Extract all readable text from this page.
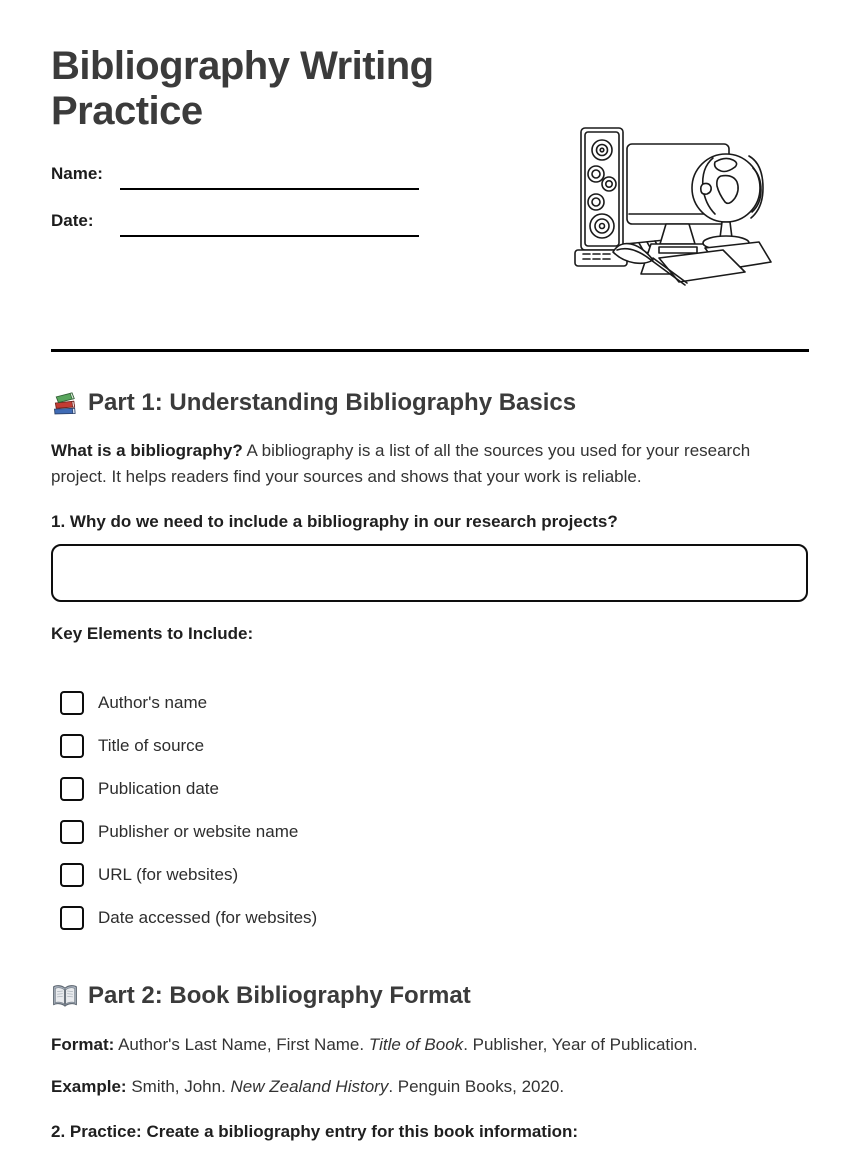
Bibliography Writing Practice
Name:
Date:
Part 1: Understanding Bibliography Basics
What is a bibliography? A bibliography is a list of all the sources you used for your research project. It helps readers find your sources and shows that your work is reliable.
1. Why do we need to include a bibliography in our research projects?
Key Elements to Include:
Author's name
Title of source
Publication date
Publisher or website name
URL (for websites)
Date accessed (for websites)
Part 2: Book Bibliography Format
Format: Author's Last Name, First Name. Title of Book. Publisher, Year of Publication.
Example: Smith, John. New Zealand History. Penguin Books, 2020.
2. Practice: Create a bibliography entry for this book information:
